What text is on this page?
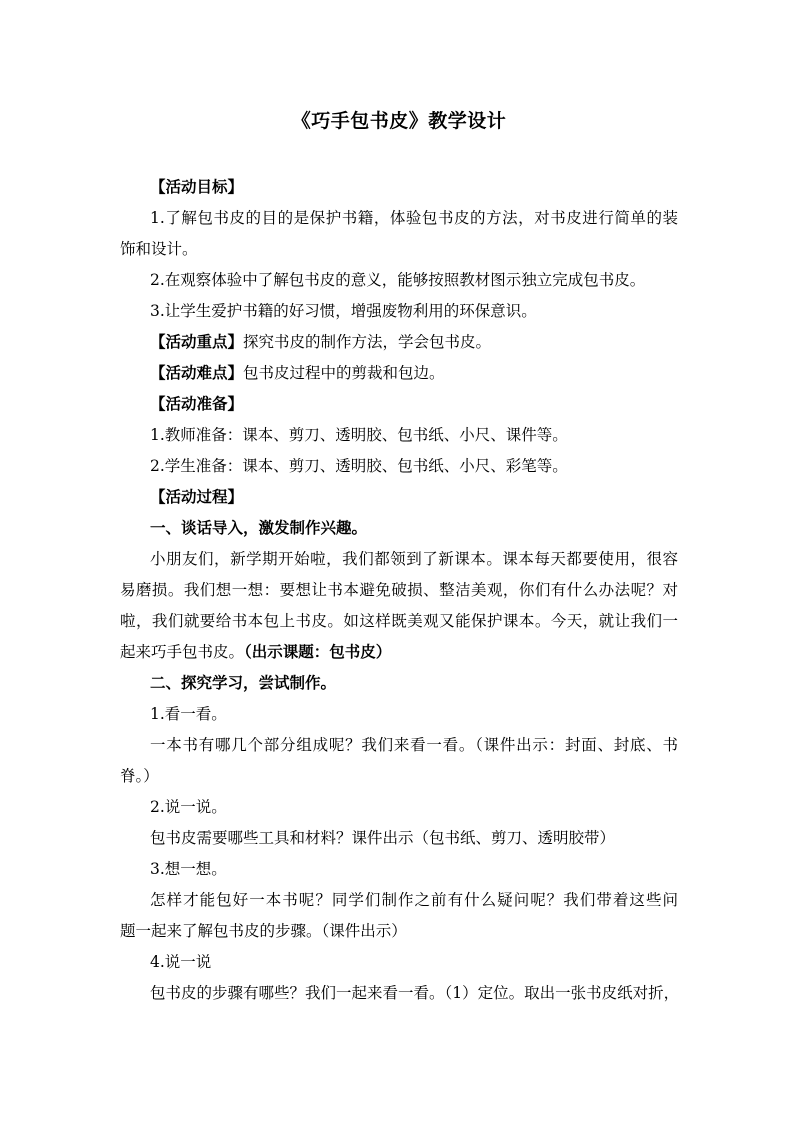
《巧手包书皮》教学设计
【活动目标】
1.了解包书皮的目的是保护书籍，体验包书皮的方法，对书皮进行简单的装
饰和设计。
2.在观察体验中了解包书皮的意义，能够按照教材图示独立完成包书皮。
3.让学生爱护书籍的好习惯，增强废物利用的环保意识。
【活动重点】探究书皮的制作方法，学会包书皮。
【活动难点】包书皮过程中的剪裁和包边。
【活动准备】
1.教师准备：课本、剪刀、透明胶、包书纸、小尺、课件等。
2.学生准备：课本、剪刀、透明胶、包书纸、小尺、彩笔等。
【活动过程】
一、谈话导入，激发制作兴趣。
小朋友们，新学期开始啦，我们都领到了新课本。课本每天都要使用，很容
易磨损。我们想一想：要想让书本避免破损、整洁美观，你们有什么办法呢？对
啦，我们就要给书本包上书皮。如这样既美观又能保护课本。今天，就让我们一
起来巧手包书皮。（出示课题：包书皮）
二、探究学习，尝试制作。
1.看一看。
一本书有哪几个部分组成呢？我们来看一看。（课件出示：封面、封底、书
脊。）
2.说一说。
包书皮需要哪些工具和材料？课件出示（包书纸、剪刀、透明胶带）
3.想一想。
怎样才能包好一本书呢？同学们制作之前有什么疑问呢？我们带着这些问
题一起来了解包书皮的步骤。（课件出示）
4.说一说
包书皮的步骤有哪些？我们一起来看一看。（1）定位。取出一张书皮纸对折，
